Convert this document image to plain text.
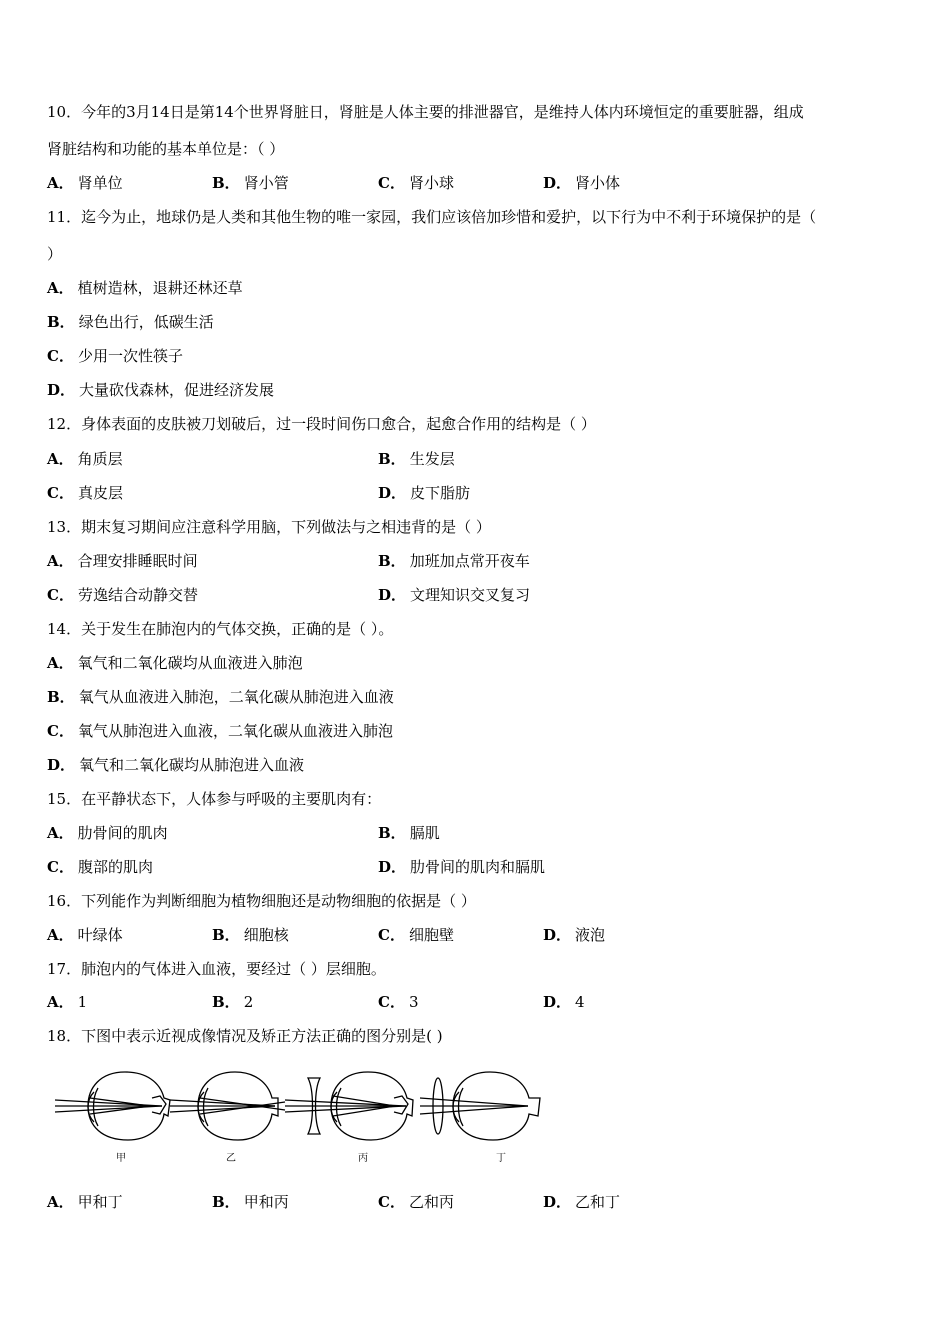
10．今年的3月14日是第14个世界肾脏日，肾脏是人体主要的排泄器官，是维持人体内环境恒定的重要脏器，组成
肾脏结构和功能的基本单位是：（ ）
A． 肾单位	B． 肾小管	C． 肾小球	D． 肾小体
11．迄今为止，地球仍是人类和其他生物的唯一家园，我们应该倍加珍惜和爱护，以下行为中不利于环境保护的是（
）
A． 植树造林，退耕还林还草
B． 绿色出行，低碳生活
C． 少用一次性筷子
D． 大量砍伐森林，促进经济发展
12．身体表面的皮肤被刀划破后，过一段时间伤口愈合，起愈合作用的结构是（ ）
A． 角质层	B． 生发层
C． 真皮层	D． 皮下脂肪
13．期末复习期间应注意科学用脑，下列做法与之相违背的是（ ）
A． 合理安排睡眠时间	B． 加班加点常开夜车
C． 劳逸结合动静交替	D． 文理知识交叉复习
14．关于发生在肺泡内的气体交换，正确的是（ ）。
A． 氧气和二氧化碳均从血液进入肺泡
B． 氧气从血液进入肺泡，二氧化碳从肺泡进入血液
C． 氧气从肺泡进入血液，二氧化碳从血液进入肺泡
D． 氧气和二氧化碳均从肺泡进入血液
15．在平静状态下，人体参与呼吸的主要肌肉有：
A． 肋骨间的肌肉	B． 膈肌
C． 腹部的肌肉	D． 肋骨间的肌肉和膈肌
16．下列能作为判断细胞为植物细胞还是动物细胞的依据是（ ）
A． 叶绿体	B． 细胞核	C． 细胞壁	D． 液泡
17．肺泡内的气体进入血液，要经过（ ）层细胞。
A． 1	B． 2	C． 3	D． 4
18．下图中表示近视成像情况及矫正方法正确的图分别是( )
甲	乙	丙	丁
A． 甲和丁	B． 甲和丙	C． 乙和丙	D． 乙和丁
